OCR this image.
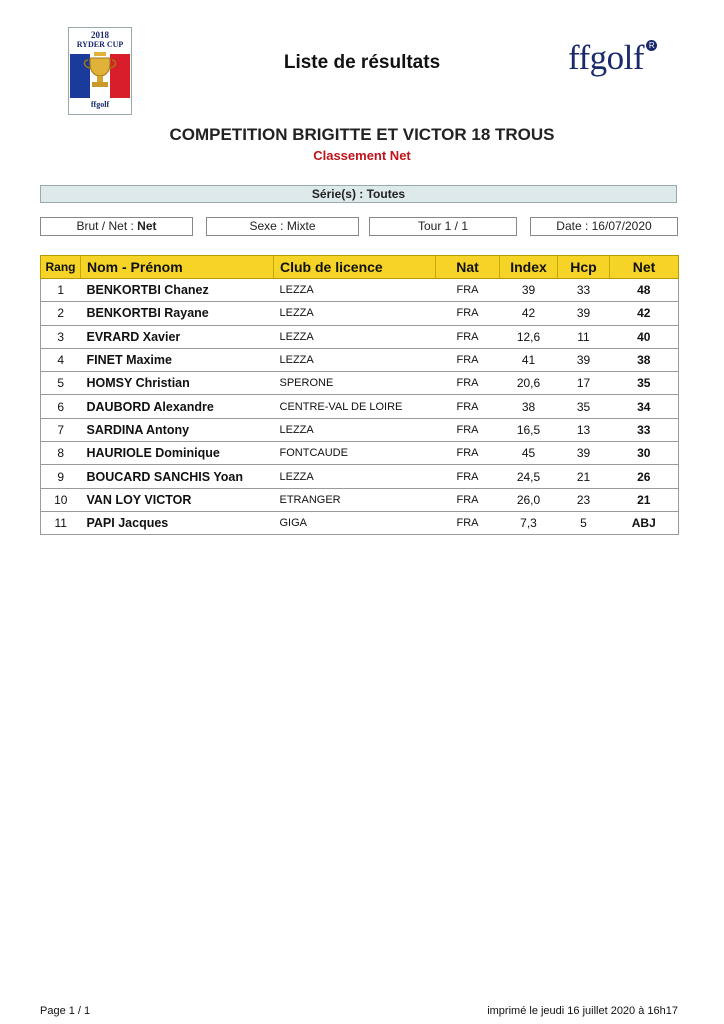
2018
RYDER CUP
ffgolf
Liste de résultats	ffgolf R
COMPETITION BRIGITTE ET VICTOR 18 TROUS
Classement Net
Série(s) : Toutes
Brut / Net : Net	Sexe : Mixte	Tour 1 / 1	Date : 16/07/2020
Rang	Nom - Prénom	Club de licence	Nat	Index	Hcp	Net
1	BENKORTBI Chanez	LEZZA	FRA	39	33	48
2	BENKORTBI Rayane	LEZZA	FRA	42	39	42
3	EVRARD Xavier	LEZZA	FRA	12,6	11	40
4	FINET Maxime	LEZZA	FRA	41	39	38
5	HOMSY Christian	SPERONE	FRA	20,6	17	35
6	DAUBORD Alexandre	CENTRE-VAL DE LOIRE	FRA	38	35	34
7	SARDINA Antony	LEZZA	FRA	16,5	13	33
8	HAURIOLE Dominique	FONTCAUDE	FRA	45	39	30
9	BOUCARD SANCHIS Yoan	LEZZA	FRA	24,5	21	26
10	VAN LOY VICTOR	ETRANGER	FRA	26,0	23	21
11	PAPI Jacques	GIGA	FRA	7,3	5	ABJ
Page 1 / 1	imprimé le jeudi 16 juillet 2020 à 16h17
